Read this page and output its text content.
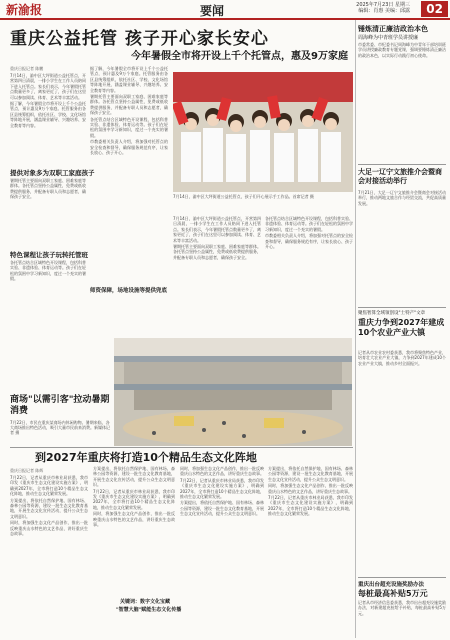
新渝报	要闻	2025年7月23日 星期三
编辑：肖惠 美编：邱露	02
重庆公益托管 孩子开心家长安心
今年暑假全市将开设上千个托管点，惠及9万家庭
重庆日报记者 陈鹏

7月14日，渝中区大坪街道公益托管点，开营第四日清晨，一排小学生在工作人员陪同下进入托管点。家长们表示，今年暑假托管点数量更多了，离家更近了，孩子们在这里可以参加阅读、体育、艺术等丰富活动。

据了解，今年暑假全市将开设上千个公益托管点，预计惠及9万个家庭。托管服务由各区县统筹组织，依托社区、学校、文化场馆等阵地开展，涵盖课业辅导、兴趣培养、安全教育等内容。

提供对象多为双职工家庭孩子

暑期托管主要面向双职工家庭、困难家庭等群体。各托管点坚持公益属性，免费或低收费提供服务，并配备专职人员和志愿者，确保孩子安全。

特色课程让孩子玩转托管班

各托管点结合区域特色开设课程，包括科普实验、非遗体验、体育运动等。孩子们在轻松的氛围中学习新知识，度过一个充实的暑假。

据了解，今年暑假全市将开设上千个公益托管点，预计惠及9万个家庭。托管服务由各区县统筹组织，依托社区、学校、文化场馆等阵地开展，涵盖课业辅导、兴趣培养、安全教育等内容。

暑期托管主要面向双职工家庭、困难家庭等群体。各托管点坚持公益属性，免费或低收费提供服务，并配备专职人员和志愿者，确保孩子安全。

各托管点结合区域特色开设课程，包括科普实验、非遗体验、体育运动等。孩子们在轻松的氛围中学习新知识，度过一个充实的暑假。

市教委相关负责人介绍，将加强对托管点的安全检查和督导，确保服务规范有序，让家长放心、孩子开心。

7月14日，渝中区大坪街道公益托管点，孩子们开心展示手工作品。首席记者 摄

7月14日，渝中区大坪街道公益托管点，开营第四日清晨，一排小学生在工作人员陪同下进入托管点。家长们表示，今年暑假托管点数量更多了，离家更近了，孩子们在这里可以参加阅读、体育、艺术等丰富活动。

暑期托管主要面向双职工家庭、困难家庭等群体。各托管点坚持公益属性，免费或低收费提供服务，并配备专职人员和志愿者，确保孩子安全。

师资保障，场地设施等提供兜底

各托管点结合区域特色开设课程，包括科普实验、非遗体验、体育运动等。孩子们在轻松的氛围中学习新知识，度过一个充实的暑假。

市教委相关负责人介绍，将加强对托管点的安全检查和督导，确保服务规范有序，让家长放心、孩子开心。

商场"以需引客"拉动暑期消费
7月22日，市民在重庆某商场内休闲购物。暑期来临，各大商场推出特色活动，吸引大量市民前来消费。新媒体记者 摄
到2027年重庆将打造10个精品生态文化阵地
重庆日报记者 陈辉

7月22日，记者从重庆市林业局获悉，我市印发《重庆市生态文化建设实施方案》，明确到2027年，全市将打造10个精品生态文化阵地，推动生态文化繁荣发展。

方案提出，将依托自然保护地、国有林场、森林公园等资源，建设一批生态文化教育基地，开展生态文化宣传活动，提升公众生态文明意识。

同时，将加强生态文化产品创作，推出一批反映重庆山水特色的文艺作品，讲好重庆生态故事。

方案提出，将依托自然保护地、国有林场、森林公园等资源，建设一批生态文化教育基地，开展生态文化宣传活动，提升公众生态文明意识。

7月22日，记者从重庆市林业局获悉，我市印发《重庆市生态文化建设实施方案》，明确到2027年，全市将打造10个精品生态文化阵地，推动生态文化繁荣发展。

同时，将加强生态文化产品创作，推出一批反映重庆山水特色的文艺作品，讲好重庆生态故事。

关键词：数字文化宝藏
"智慧大脑"赋能生态文化传播

同时，将加强生态文化产品创作，推出一批反映重庆山水特色的文艺作品，讲好重庆生态故事。

7月22日，记者从重庆市林业局获悉，我市印发《重庆市生态文化建设实施方案》，明确到2027年，全市将打造10个精品生态文化阵地，推动生态文化繁荣发展。

方案提出，将依托自然保护地、国有林场、森林公园等资源，建设一批生态文化教育基地，开展生态文化宣传活动，提升公众生态文明意识。

方案提出，将依托自然保护地、国有林场、森林公园等资源，建设一批生态文化教育基地，开展生态文化宣传活动，提升公众生态文明意识。

同时，将加强生态文化产品创作，推出一批反映重庆山水特色的文艺作品，讲好重庆生态故事。

7月22日，记者从重庆市林业局获悉，我市印发《重庆市生态文化建设实施方案》，明确到2027年，全市将打造10个精品生态文化阵地，推动生态文化繁荣发展。

锤炼清正廉洁政治本色
周海峰为中青班学员讲授廉
市委常委、市纪委书记周海峰为中青年干部培训班学员讲授廉政教育专题党课，强调要锤炼清正廉洁的政治本色，以实际行动践行初心使命。
大足一辽宁文旅推介会暨商会对接活动举行
7月21日，大足一辽宁文旅推介会暨商会对接活动举行，推动两地文旅合作与经贸交流，共促高质量发展。
聚焦智算全域领创设"土特产"文章
重庆力争到2027年建成10个农业产业大镇
记者从市农业农村委获悉，我市将聚焦特色产业，培育壮大农业产业大镇，力争到2027年建成10个农业产业大镇，推动乡村全面振兴。
重庆出台超充设施奖励办法
每桩最高补贴5万元
记者从市经济信息委获悉，我市出台超充设施奖励办法，对新建超充桩给予补贴，每桩最高补贴5万元。
